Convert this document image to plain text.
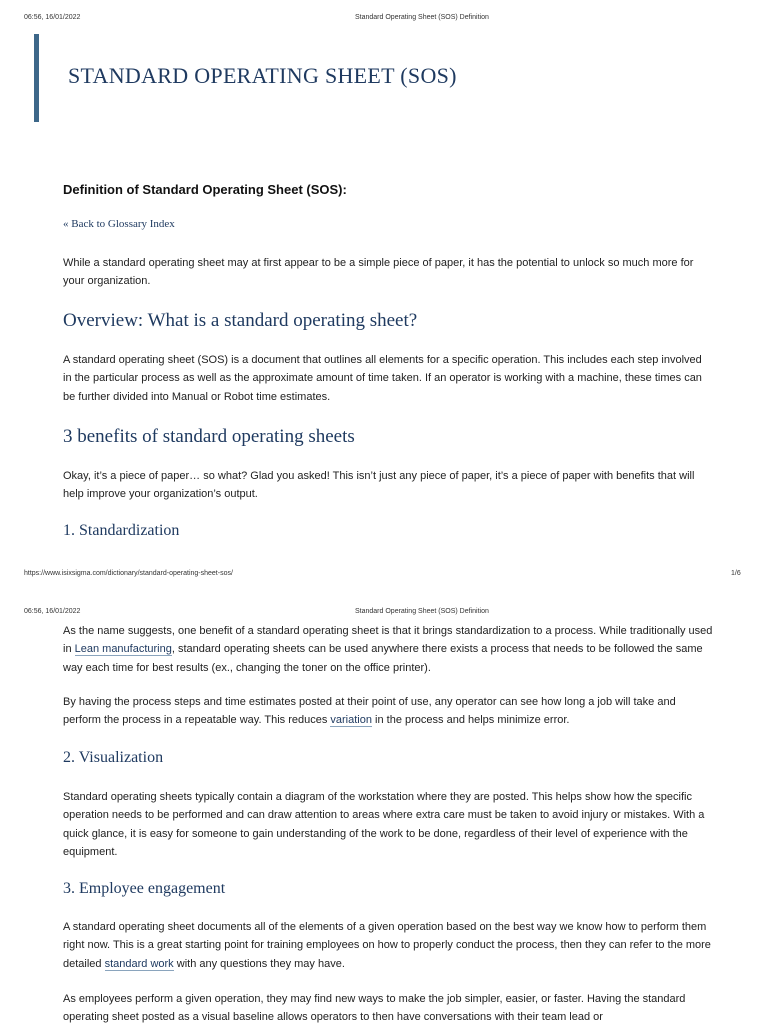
06:56, 16/01/2022	Standard Operating Sheet (SOS) Definition
STANDARD OPERATING SHEET (SOS)
Definition of Standard Operating Sheet (SOS):
« Back to Glossary Index

While a standard operating sheet may at first appear to be a simple piece of paper, it has the potential to unlock so much more for your organization.

Overview: What is a standard operating sheet?

A standard operating sheet (SOS) is a document that outlines all elements for a specific operation. This includes each step involved in the particular process as well as the approximate amount of time taken. If an operator is working with a machine, these times can be further divided into Manual or Robot time estimates.

3 benefits of standard operating sheets

Okay, it’s a piece of paper… so what? Glad you asked! This isn’t just any piece of paper, it’s a piece of paper with benefits that will help improve your organization’s output.

1. Standardization
https://www.isixsigma.com/dictionary/standard-operating-sheet-sos/	1/6
06:56, 16/01/2022	Standard Operating Sheet (SOS) Definition

As the name suggests, one benefit of a standard operating sheet is that it brings standardization to a process. While traditionally used in Lean manufacturing, standard operating sheets can be used anywhere there exists a process that needs to be followed the same way each time for best results (ex., changing the toner on the office printer).

By having the process steps and time estimates posted at their point of use, any operator can see how long a job will take and perform the process in a repeatable way. This reduces variation in the process and helps minimize error.

2. Visualization

Standard operating sheets typically contain a diagram of the workstation where they are posted. This helps show how the specific operation needs to be performed and can draw attention to areas where extra care must be taken to avoid injury or mistakes. With a quick glance, it is easy for someone to gain understanding of the work to be done, regardless of their level of experience with the equipment.

3. Employee engagement

A standard operating sheet documents all of the elements of a given operation based on the best way we know how to perform them right now. This is a great starting point for training employees on how to properly conduct the process, then they can refer to the more detailed standard work with any questions they may have.

As employees perform a given operation, they may find new ways to make the job simpler, easier, or faster. Having the standard operating sheet posted as a visual baseline allows operators to then have conversations with their team lead or
